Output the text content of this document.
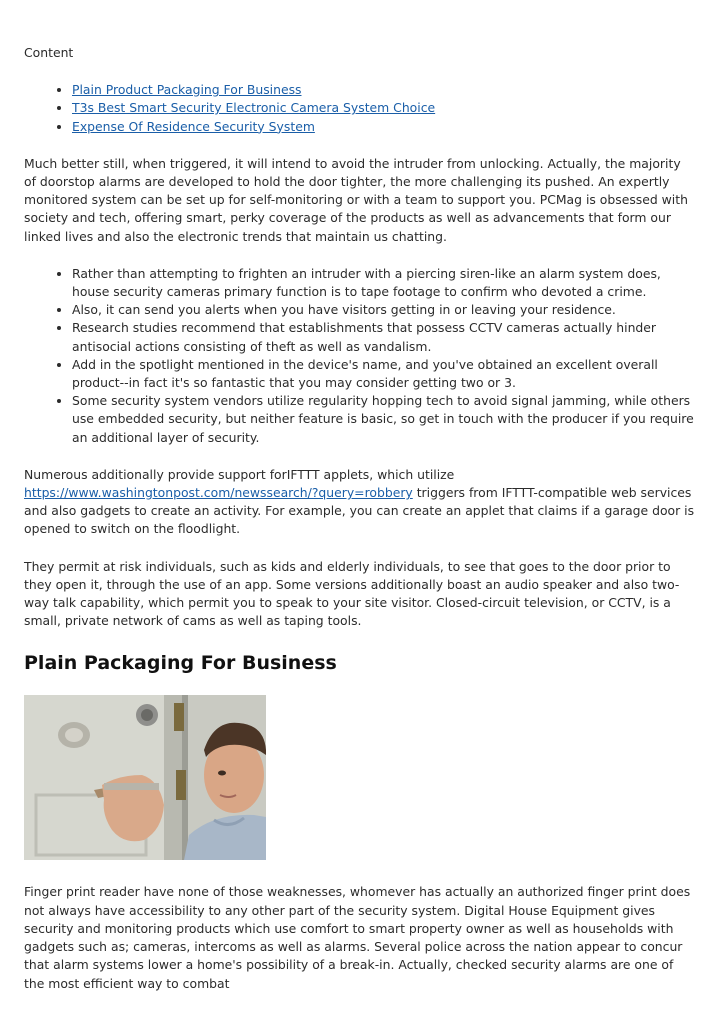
Content
• Plain Product Packaging For Business
• T3s Best Smart Security Electronic Camera System Choice
• Expense Of Residence Security System

Much better still, when triggered, it will intend to avoid the intruder from unlocking. Actually, the majority of doorstop alarms are developed to hold the door tighter, the more challenging its pushed. An expertly monitored system can be set up for self-monitoring or with a team to support you. PCMag is obsessed with society and tech, offering smart, perky coverage of the products as well as advancements that form our linked lives and also the electronic trends that maintain us chatting.

• Rather than attempting to frighten an intruder with a piercing siren-like an alarm system does, house security cameras primary function is to tape footage to confirm who devoted a crime.
• Also, it can send you alerts when you have visitors getting in or leaving your residence.
• Research studies recommend that establishments that possess CCTV cameras actually hinder antisocial actions consisting of theft as well as vandalism.
• Add in the spotlight mentioned in the device's name, and you've obtained an excellent overall product--in fact it's so fantastic that you may consider getting two or 3.
• Some security system vendors utilize regularity hopping tech to avoid signal jamming, while others use embedded security, but neither feature is basic, so get in touch with the producer if you require an additional layer of security.

Numerous additionally provide support forIFTTT applets, which utilize
https://www.washingtonpost.com/newssearch/?query=robbery triggers from IFTTT-compatible web services and also gadgets to create an activity. For example, you can create an applet that claims if a garage door is opened to switch on the floodlight.

They permit at risk individuals, such as kids and elderly individuals, to see that goes to the door prior to they open it, through the use of an app. Some versions additionally boast an audio speaker and also two-way talk capability, which permit you to speak to your site visitor. Closed-circuit television, or CCTV, is a small, private network of cams as well as taping tools.

Plain Packaging For Business

Finger print reader have none of those weaknesses, whomever has actually an authorized finger print does not always have accessibility to any other part of the security system. Digital House Equipment gives security and monitoring products which use comfort to smart property owner as well as households with gadgets such as; cameras, intercoms as well as alarms. Several police across the nation appear to concur that alarm systems lower a home's possibility of a break-in. Actually, checked security alarms are one of the most efficient way to combat
